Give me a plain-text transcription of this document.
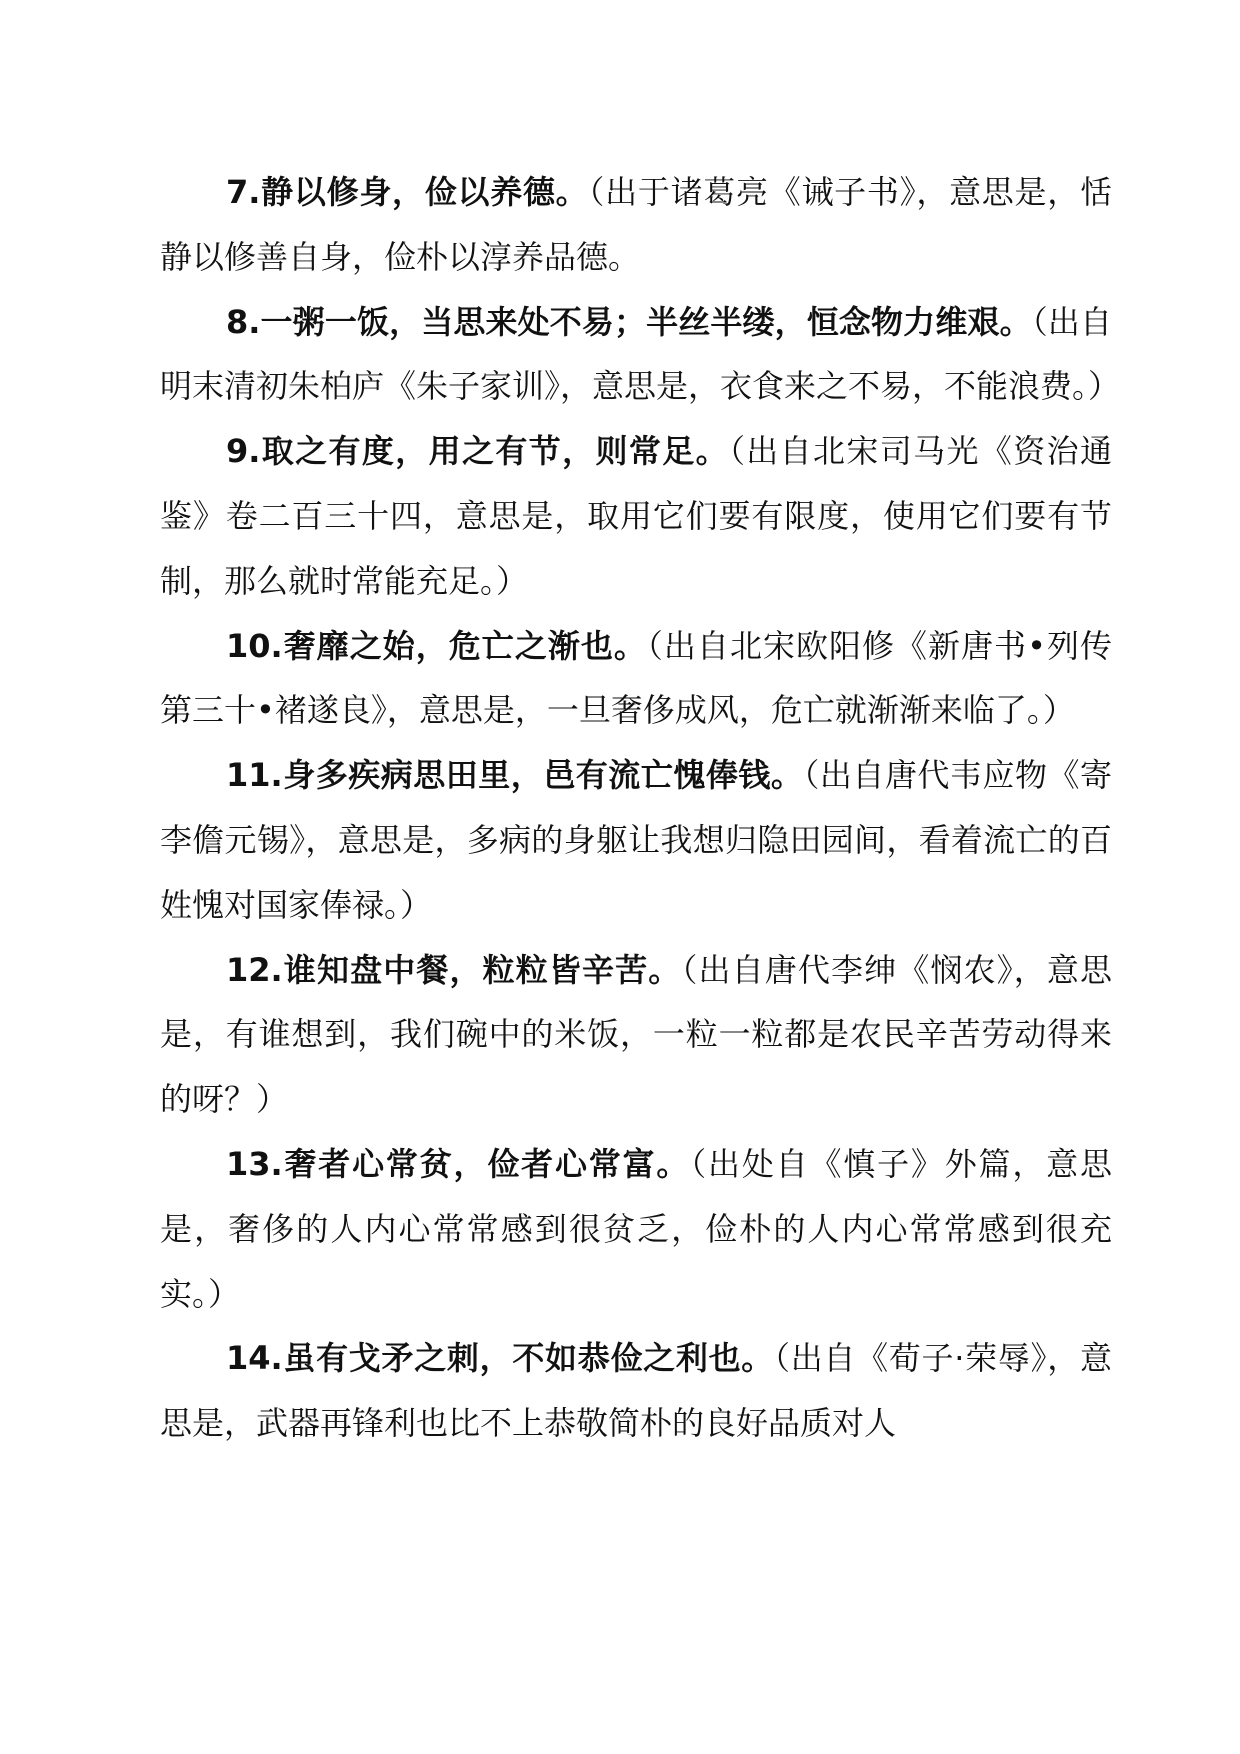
7.静以修身，俭以养德。（出于诸葛亮《诫子书》，意思是，恬静以修善自身，俭朴以淳养品德。

8.一粥一饭，当思来处不易；半丝半缕，恒念物力维艰。（出自明末清初朱柏庐《朱子家训》，意思是，衣食来之不易，不能浪费。）

9.取之有度，用之有节，则常足。（出自北宋司马光《资治通鉴》卷二百三十四，意思是，取用它们要有限度，使用它们要有节制，那么就时常能充足。）

10.奢靡之始，危亡之渐也。（出自北宋欧阳修《新唐书•列传第三十•褚遂良》，意思是，一旦奢侈成风，危亡就渐渐来临了。）

11.身多疾病思田里，邑有流亡愧俸钱。（出自唐代韦应物《寄李儋元锡》，意思是，多病的身躯让我想归隐田园间，看着流亡的百姓愧对国家俸禄。）

12.谁知盘中餐，粒粒皆辛苦。（出自唐代李绅《悯农》，意思是，有谁想到，我们碗中的米饭，一粒一粒都是农民辛苦劳动得来的呀？）

13.奢者心常贫，俭者心常富。（出处自《慎子》外篇，意思是，奢侈的人内心常常感到很贫乏，俭朴的人内心常常感到很充实。）

14.虽有戈矛之刺，不如恭俭之利也。（出自《荀子·荣辱》，意思是，武器再锋利也比不上恭敬简朴的良好品质对人
